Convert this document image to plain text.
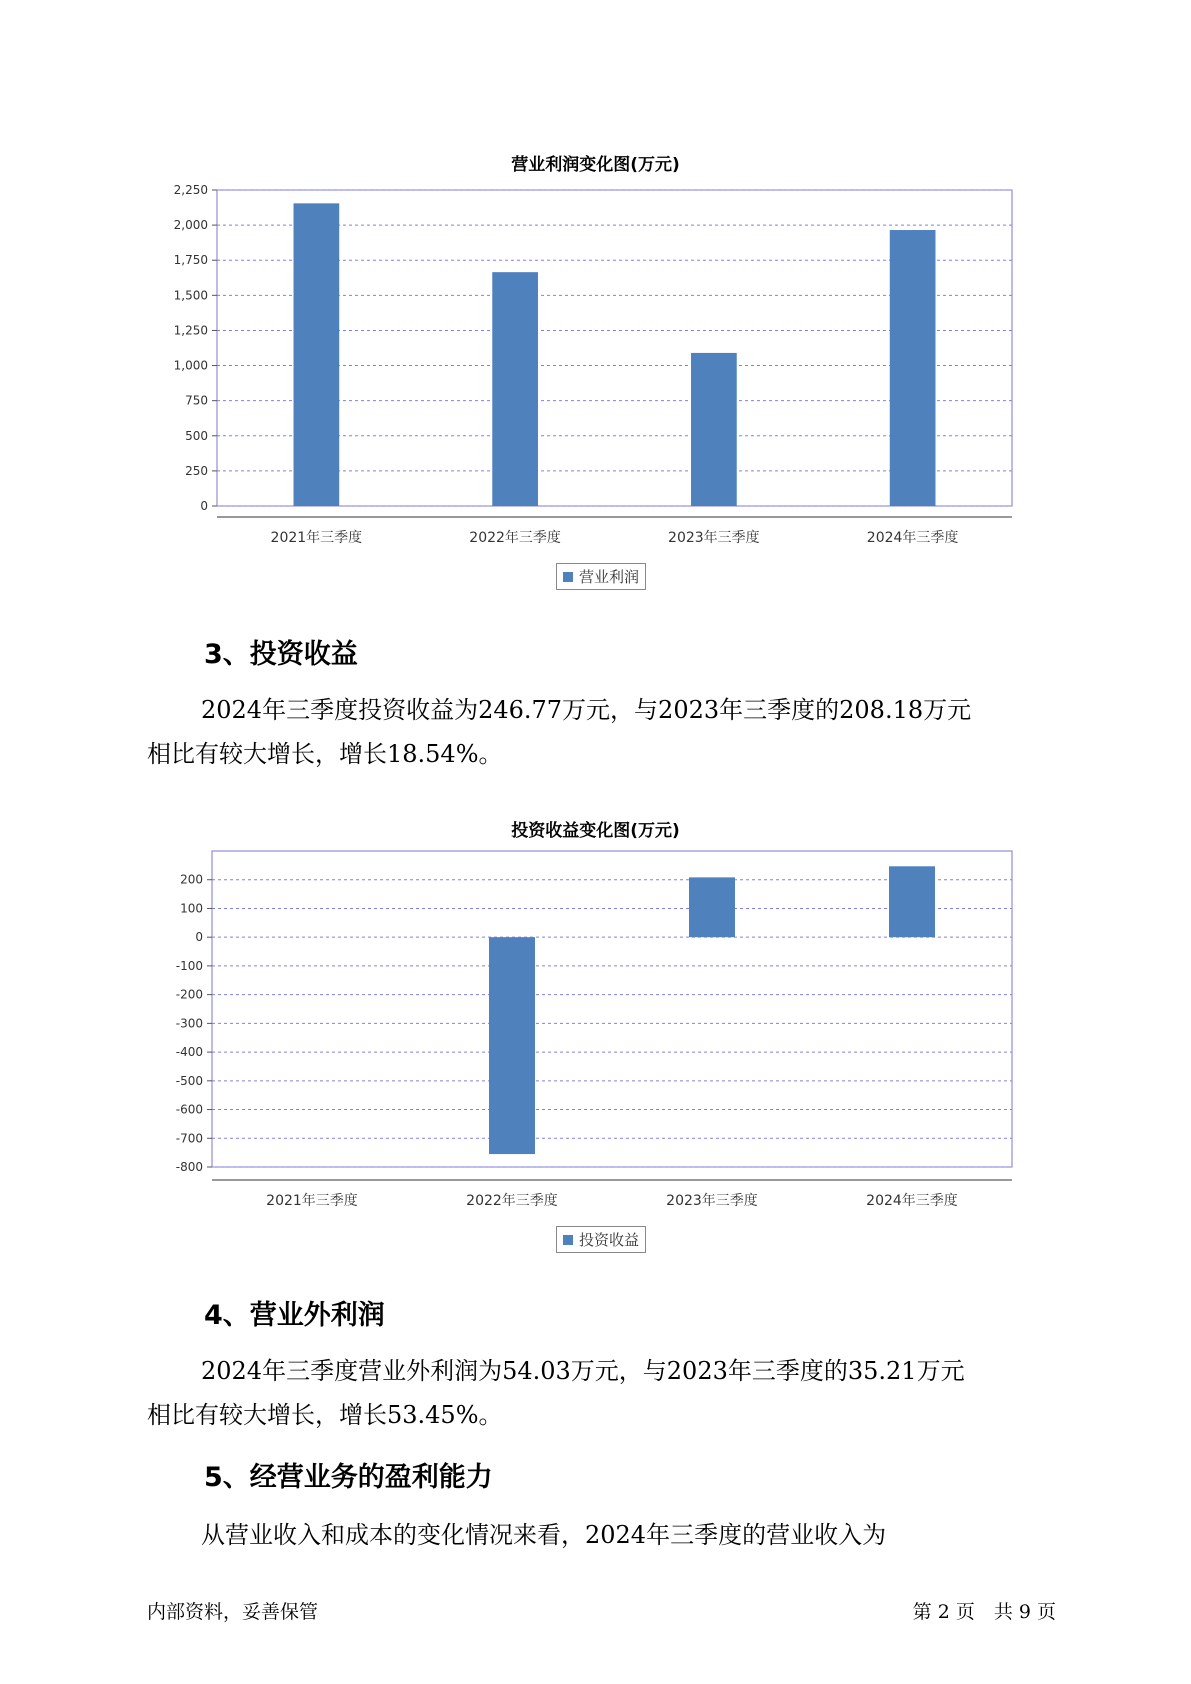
营业利润变化图(万元)
0
250
500
750
1,000
1,250
1,500
1,750
2,000
2,250
2021年三季度	2022年三季度	2023年三季度	2024年三季度
营业利润
3、投资收益

2024年三季度投资收益为246.77万元，与2023年三季度的208.18万元
相比有较大增长，增长18.54%。

投资收益变化图(万元)
200
100
0
-100
-200
-300
-400
-500
-600
-700
-800
2021年三季度	2022年三季度	2023年三季度	2024年三季度
投资收益
4、营业外利润

2024年三季度营业外利润为54.03万元，与2023年三季度的35.21万元
相比有较大增长，增长53.45%。

5、经营业务的盈利能力

从营业收入和成本的变化情况来看，2024年三季度的营业收入为

内部资料，妥善保管	第 2 页　共 9 页
